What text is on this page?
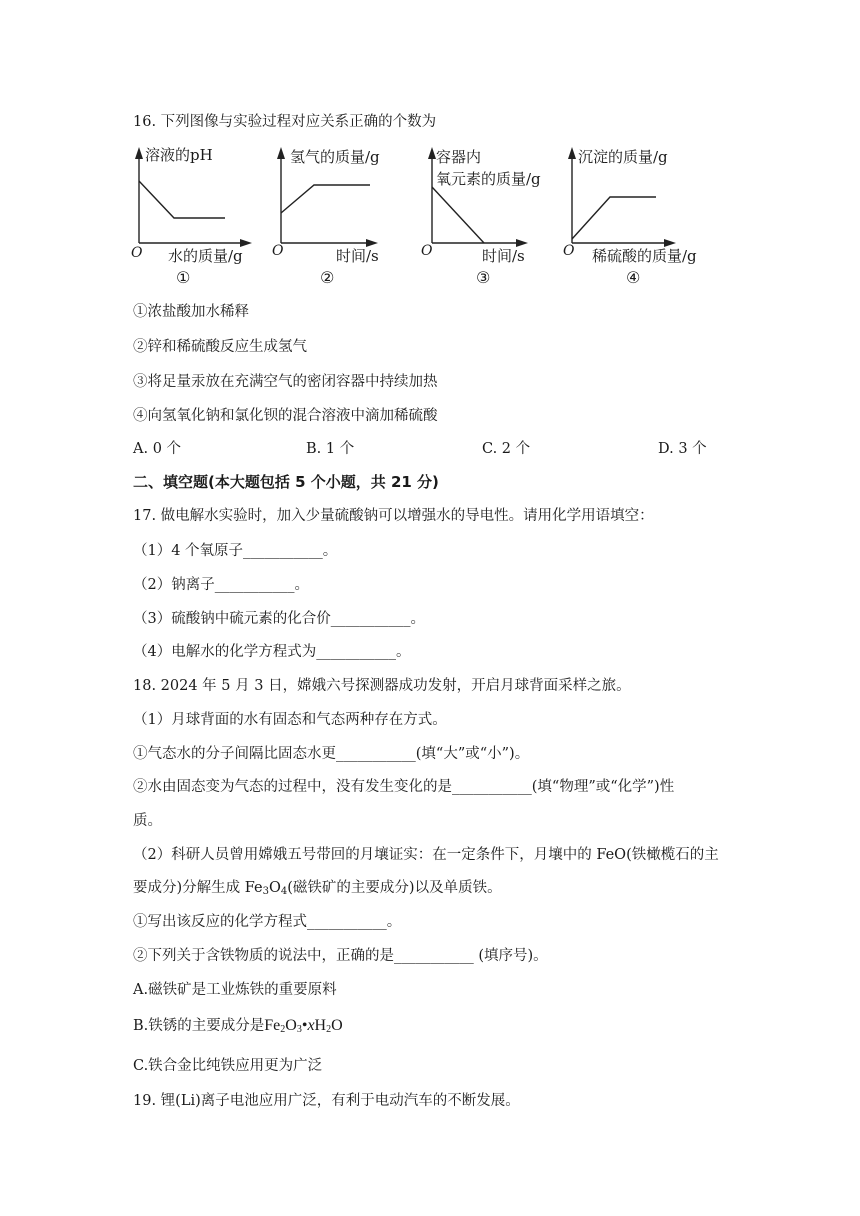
16. 下列图像与实验过程对应关系正确的个数为
溶液的pH
O 水的质量/g
①
氢气的质量/g
O	时间/s
②
容器内
氧元素的质量/g
O	时间/s
③
沉淀的质量/g
O 稀硫酸的质量/g
④
①浓盐酸加水稀释
②锌和稀硫酸反应生成氢气
③将足量汞放在充满空气的密闭容器中持续加热
④向氢氧化钠和氯化钡的混合溶液中滴加稀硫酸
A. 0 个	B. 1 个	C. 2 个	D. 3 个
二、填空题(本大题包括 5 个小题，共 21 分)
17. 做电解水实验时，加入少量硫酸钠可以增强水的导电性。请用化学用语填空：
（1）4 个氧原子___________。
（2）钠离子___________。
（3）硫酸钠中硫元素的化合价___________。
（4）电解水的化学方程式为___________。
18. 2024 年 5 月 3 日，嫦娥六号探测器成功发射，开启月球背面采样之旅。
（1）月球背面的水有固态和气态两种存在方式。
①气态水的分子间隔比固态水更___________(填“大”或“小”)。
②水由固态变为气态的过程中，没有发生变化的是___________(填“物理”或“化学”)性
质。
（2）科研人员曾用嫦娥五号带回的月壤证实：在一定条件下，月壤中的 FeO(铁橄榄石的主
要成分)分解生成 $Fe_3O_4$(磁铁矿的主要成分)以及单质铁。
①写出该反应的化学方程式___________。
②下列关于含铁物质的说法中，正确的是___________ (填序号)。
A.磁铁矿是工业炼铁的重要原料
B.铁锈的主要成分是$Fe_2O_3•xH_2O$
C.铁合金比纯铁应用更为广泛
19. 锂(Li)离子电池应用广泛，有利于电动汽车的不断发展。
